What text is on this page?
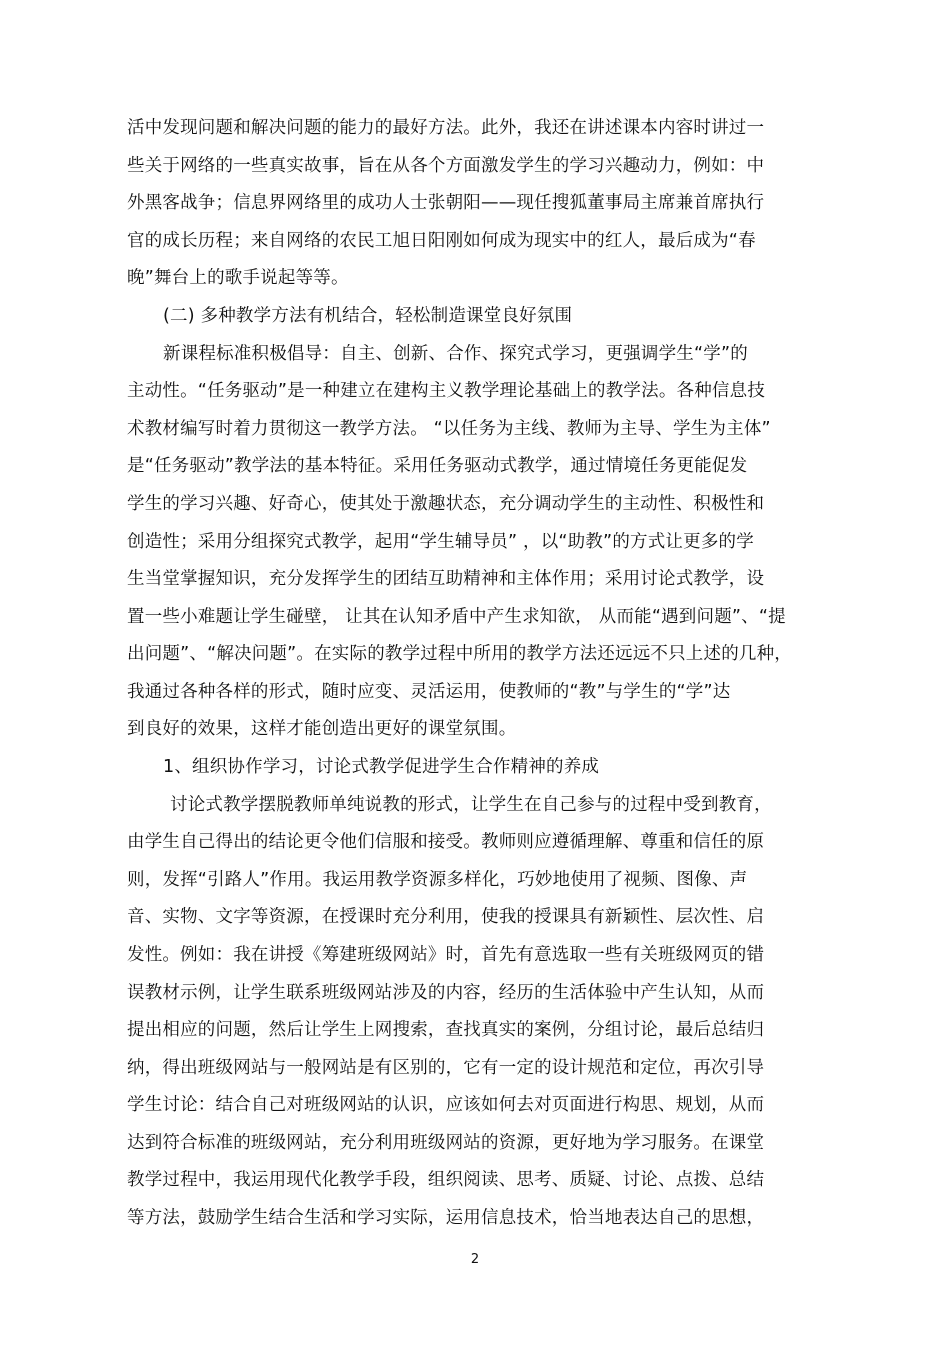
活中发现问题和解决问题的能力的最好方法。此外，我还在讲述课本内容时讲过一
些关于网络的一些真实故事，旨在从各个方面激发学生的学习兴趣动力，例如：中
外黑客战争；信息界网络里的成功人士张朝阳——现任搜狐董事局主席兼首席执行
官的成长历程；来自网络的农民工旭日阳刚如何成为现实中的红人，最后成为“春
晚”舞台上的歌手说起等等。
(二) 多种教学方法有机结合，轻松制造课堂良好氛围
新课程标准积极倡导：自主、创新、合作、探究式学习，更强调学生“学”的
主动性。“任务驱动”是一种建立在建构主义教学理论基础上的教学法。各种信息技
术教材编写时着力贯彻这一教学方法。 “以任务为主线、教师为主导、学生为主体”
是“任务驱动”教学法的基本特征。采用任务驱动式教学，通过情境任务更能促发
学生的学习兴趣、好奇心，使其处于激趣状态，充分调动学生的主动性、积极性和
创造性；采用分组探究式教学，起用“学生辅导员” ，以“助教”的方式让更多的学
生当堂掌握知识，充分发挥学生的团结互助精神和主体作用；采用讨论式教学，设
置一些小难题让学生碰壁， 让其在认知矛盾中产生求知欲， 从而能“遇到问题”、“提
出问题”、“解决问题”。在实际的教学过程中所用的教学方法还远远不只上述的几种，
我通过各种各样的形式，随时应变、灵活运用，使教师的“教”与学生的“学”达
到良好的效果，这样才能创造出更好的课堂氛围。
1、组织协作学习，讨论式教学促进学生合作精神的养成
讨论式教学摆脱教师单纯说教的形式，让学生在自己参与的过程中受到教育，
由学生自己得出的结论更令他们信服和接受。教师则应遵循理解、尊重和信任的原
则，发挥“引路人”作用。我运用教学资源多样化，巧妙地使用了视频、图像、声
音、实物、文字等资源，在授课时充分利用，使我的授课具有新颖性、层次性、启
发性。例如：我在讲授《筹建班级网站》时，首先有意选取一些有关班级网页的错
误教材示例，让学生联系班级网站涉及的内容，经历的生活体验中产生认知，从而
提出相应的问题，然后让学生上网搜索，查找真实的案例，分组讨论，最后总结归
纳，得出班级网站与一般网站是有区别的，它有一定的设计规范和定位，再次引导
学生讨论：结合自己对班级网站的认识，应该如何去对页面进行构思、规划，从而
达到符合标准的班级网站，充分利用班级网站的资源，更好地为学习服务。在课堂
教学过程中，我运用现代化教学手段，组织阅读、思考、质疑、讨论、点拨、总结
等方法，鼓励学生结合生活和学习实际，运用信息技术，恰当地表达自己的思想，
2
